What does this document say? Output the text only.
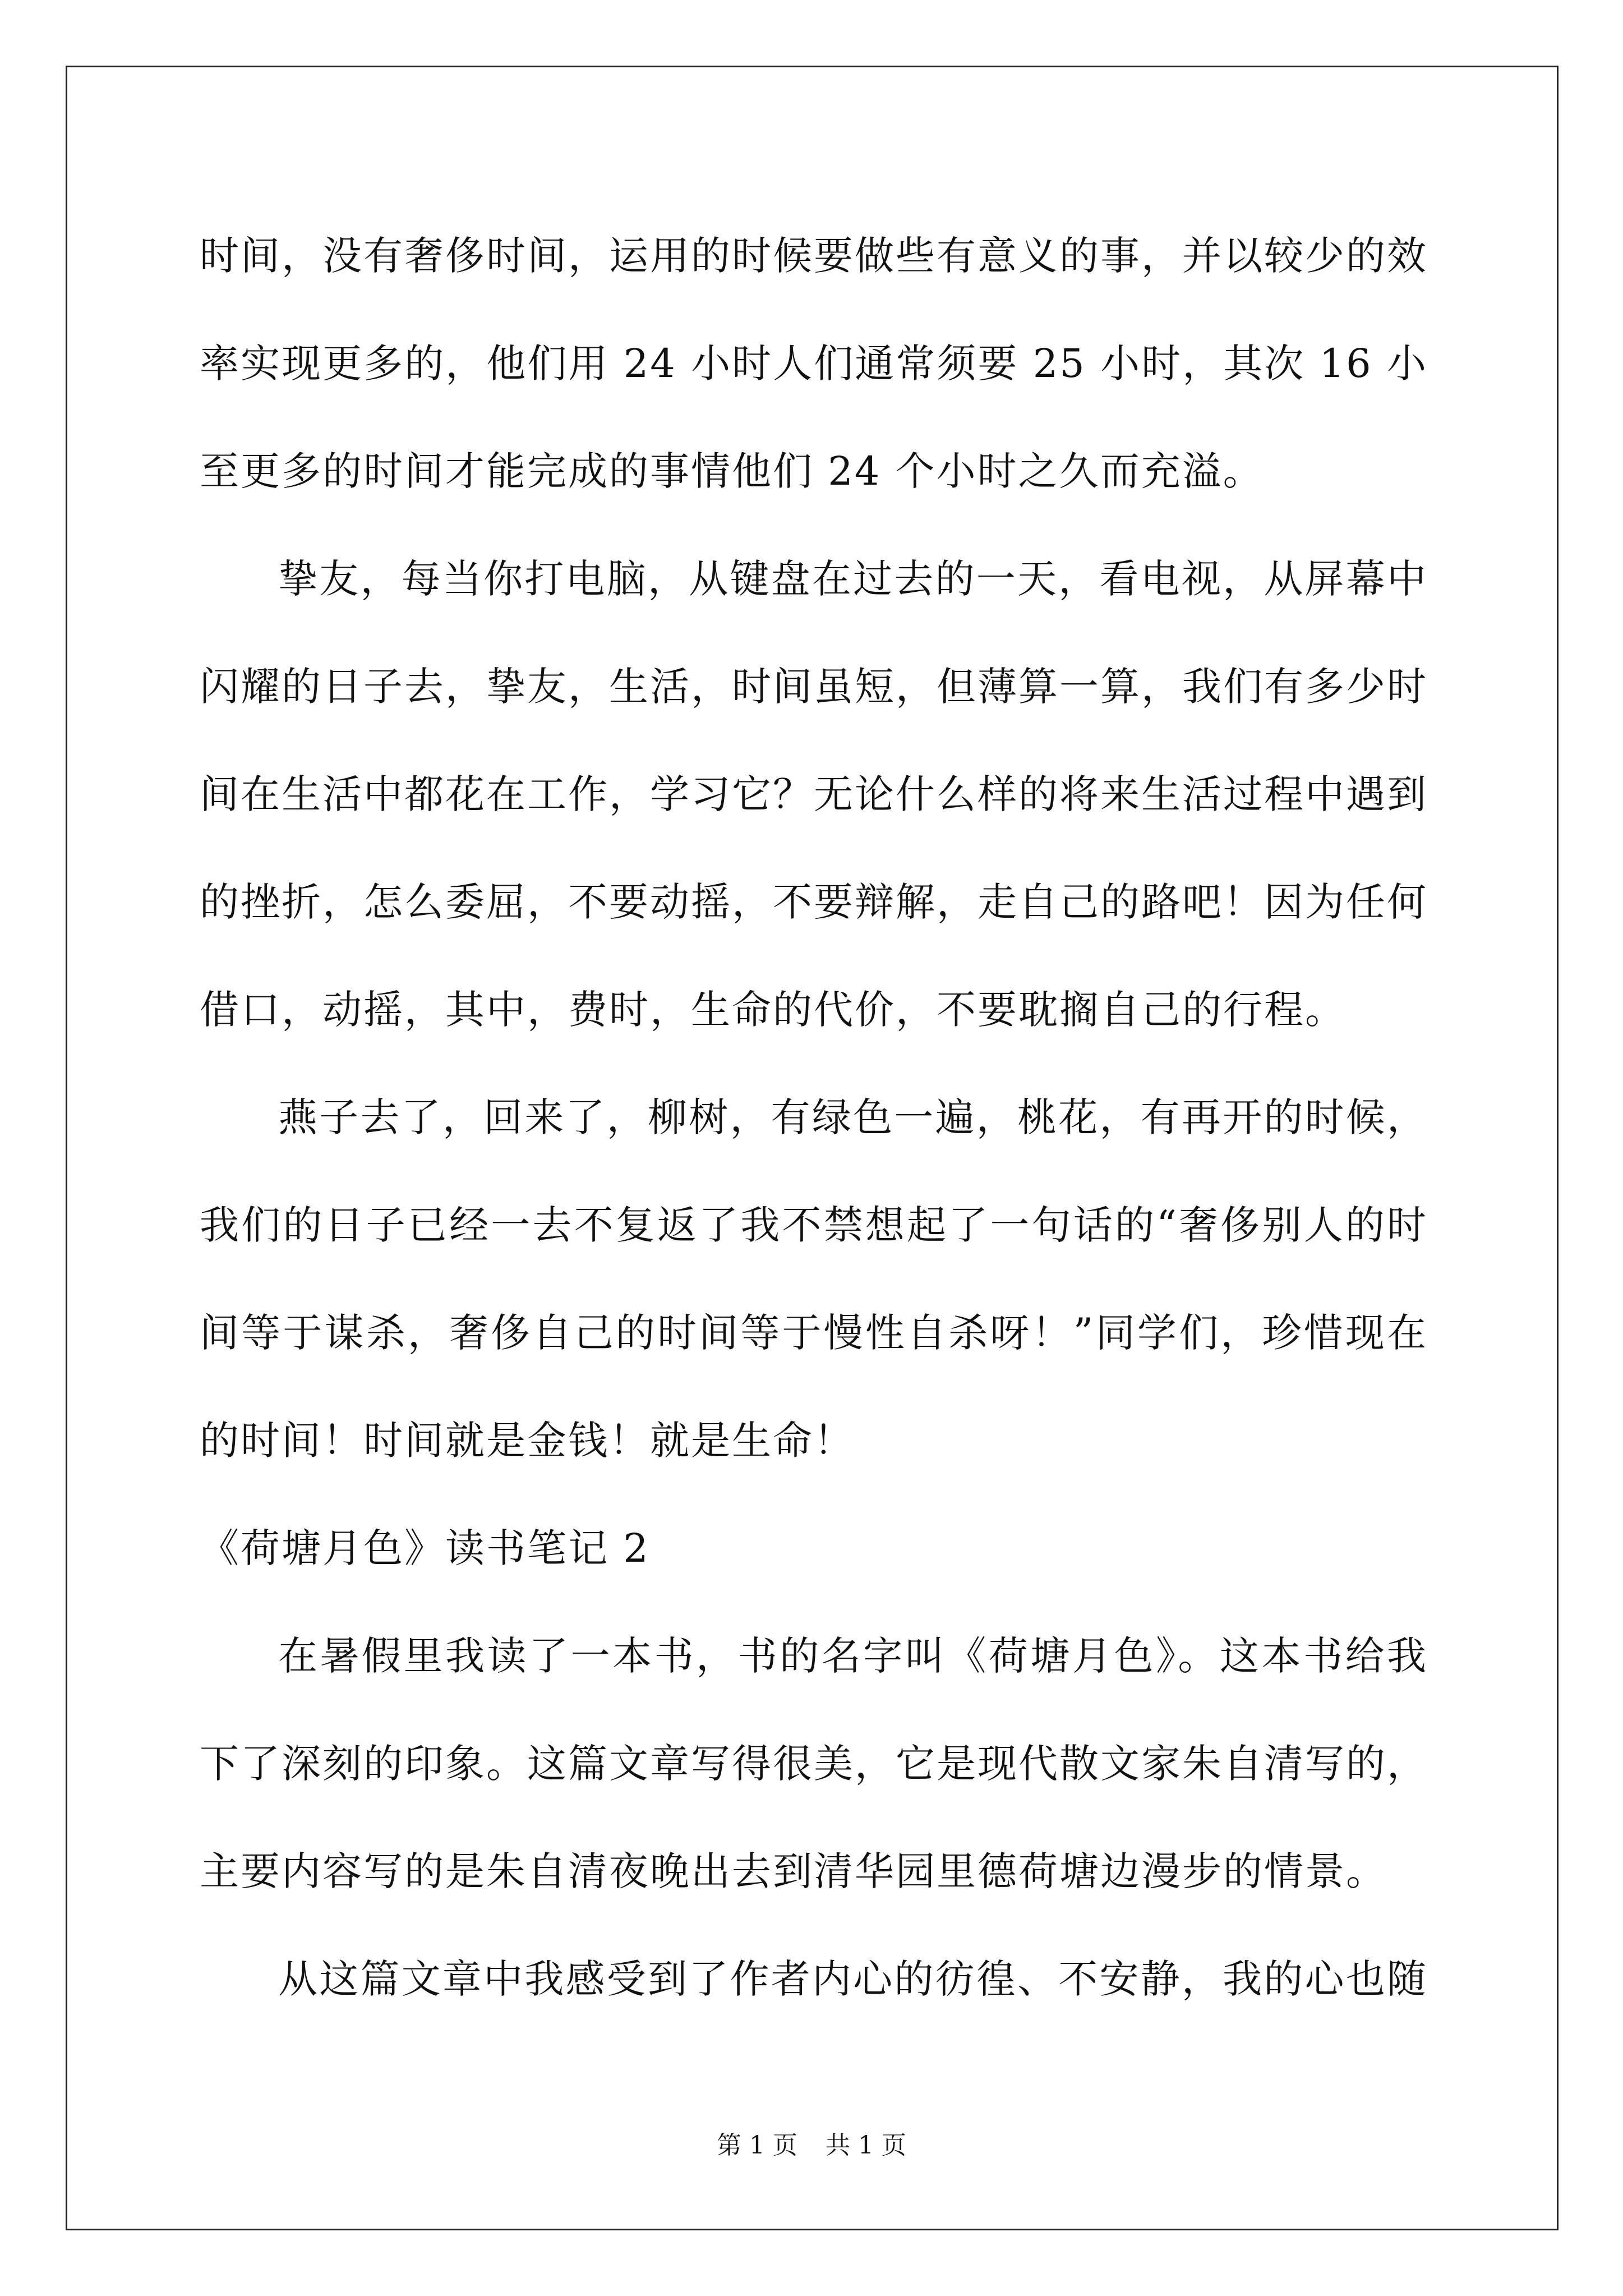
时间，没有奢侈时间，运用的时候要做些有意义的事，并以较少的效
率实现更多的，他们用 24 小时人们通常须要 25 小时，其次 16 小
至更多的时间才能完成的事情他们 24 个小时之久而充溢。
挚友，每当你打电脑，从键盘在过去的一天，看电视，从屏幕中
闪耀的日子去，挚友，生活，时间虽短，但薄算一算，我们有多少时
间在生活中都花在工作，学习它？无论什么样的将来生活过程中遇到
的挫折，怎么委屈，不要动摇，不要辩解，走自己的路吧！因为任何
借口，动摇，其中，费时，生命的代价，不要耽搁自己的行程。
燕子去了，回来了，柳树，有绿色一遍，桃花，有再开的时候，
我们的日子已经一去不复返了我不禁想起了一句话的“奢侈别人的时
间等于谋杀，奢侈自己的时间等于慢性自杀呀！”同学们，珍惜现在
的时间！时间就是金钱！就是生命！
《荷塘月色》读书笔记 2
在暑假里我读了一本书，书的名字叫《荷塘月色》。这本书给我
下了深刻的印象。这篇文章写得很美，它是现代散文家朱自清写的，
主要内容写的是朱自清夜晚出去到清华园里德荷塘边漫步的情景。
从这篇文章中我感受到了作者内心的彷徨、不安静，我的心也随
第 1 页 共 1 页
